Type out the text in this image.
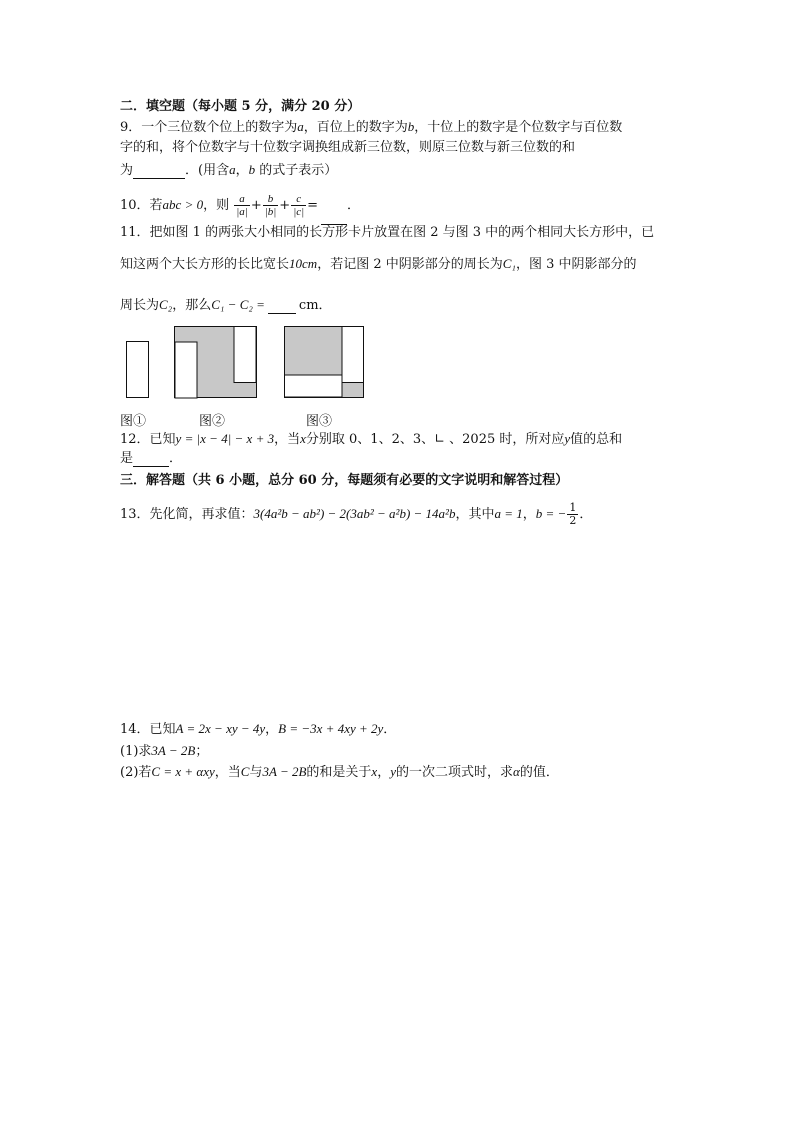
二．填空题（每小题 5 分，满分 20 分）
9．一个三位数个位上的数字为a，百位上的数字为b，十位上的数字是个位数字与百位数
字的和，将个位数字与十位数字调换组成新三位数，则原三位数与新三位数的和
为	．(用含a，b 的式子表示）
10．若abc > 0，则 $\frac{a}{|a|} + \frac{b}{|b|} + \frac{c}{|c|}$ = ．
11．把如图 1 的两张大小相同的长方形卡片放置在图 2 与图 3 中的两个相同大长方形中，已
知这两个大长方形的长比宽长10cm，若记图 2 中阴影部分的周长为C₁，图 3 中阴影部分的
周长为C₂，那么C₁ − C₂ =	cm．
图①	图②	图③
12．已知y = |x − 4| − x + 3，当x分别取 0、1、2、3、∟ 、2025 时，所对应y值的总和
是	．
三．解答题（共 6 小题，总分 60 分，每题须有必要的文字说明和解答过程）
13．先化简，再求值：3(4a²b − ab²) − 2(3ab² − a²b) − 14a²b，其中a = 1，b = − $\frac{1}{2}$ ．
14．已知A = 2x − xy − 4y，B = −3x + 4xy + 2y．
(1)求3A − 2B；
(2)若C = x + αxy，当C与3A − 2B的和是关于x，y的一次二项式时，求α的值．
